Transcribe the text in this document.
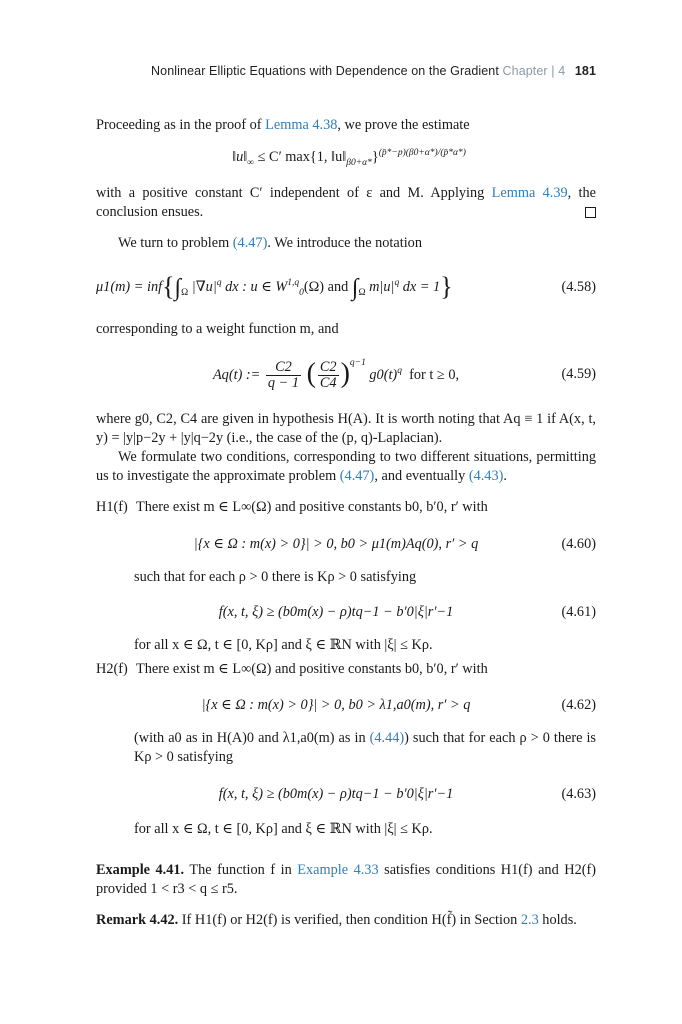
Nonlinear Elliptic Equations with Dependence on the Gradient Chapter | 4 181
Proceeding as in the proof of Lemma 4.38, we prove the estimate
$‖u‖_\infty \le C'$ max{1, $‖u‖_{\beta 0+\alpha*}\}^{(p̄*-p)(\beta 0+\alpha*)/(p̄*\alpha*)}$
with a positive constant C′ independent of ε and M. Applying Lemma 4.39, the conclusion ensues.
We turn to problem (4.47). We introduce the notation
$\mu 1(m) = inf\{\int_\Omega$ $|\nabla u|^q$ dx : u ∈ W$^{1,q}_0$(Ω) and $\int_\Omega$ $m|u|^q$ dx = 1}	(4.58)
corresponding to a weight function m, and
Aq(t) := $\frac{C2}{q - 1}$ ( $\frac{C2}{C4} )^{q-1}$ $g0(t)^q$ for t ≥ 0,	(4.59)
where g0, C2, C4 are given in hypothesis H(A). It is worth noting that Aq ≡ 1 if A(x, t, y) = |y|p−2y + |y|q−2y (i.e., the case of the (p, q)-Laplacian).
We formulate two conditions, corresponding to two different situations, permitting us to investigate the approximate problem (4.47), and eventually (4.43).
H1(f) There exist m ∈ L∞(Ω) and positive constants b0, b′0, r′ with
|{x ∈ Ω : m(x) > 0}| > 0, b0 > μ1(m)Aq(0), r′ > q	(4.60)
such that for each ρ > 0 there is Kρ > 0 satisfying
f(x, t, ξ) ≥ (b0m(x) − ρ)tq−1 − b′0|ξ|r′−1	(4.61)
for all x ∈ Ω, t ∈ [0, Kρ] and ξ ∈ ℝN with |ξ| ≤ Kρ.
H2(f) There exist m ∈ L∞(Ω) and positive constants b0, b′0, r′ with
|{x ∈ Ω : m(x) > 0}| > 0, b0 > λ1,a0(m), r′ > q	(4.62)
(with a0 as in H(A)0 and λ1,a0(m) as in (4.44)) such that for each ρ > 0 there is Kρ > 0 satisfying
f(x, t, ξ) ≥ (b0m(x) − ρ)tq−1 − b′0|ξ|r′−1	(4.63)
for all x ∈ Ω, t ∈ [0, Kρ] and ξ ∈ ℝN with |ξ| ≤ Kρ.
Example 4.41. The function f in Example 4.33 satisfies conditions H1(f) and H2(f) provided 1 < r3 < q ≤ r5.
Remark 4.42. If H1(f) or H2(f) is verified, then condition H(f̃) in Section 2.3 holds.
